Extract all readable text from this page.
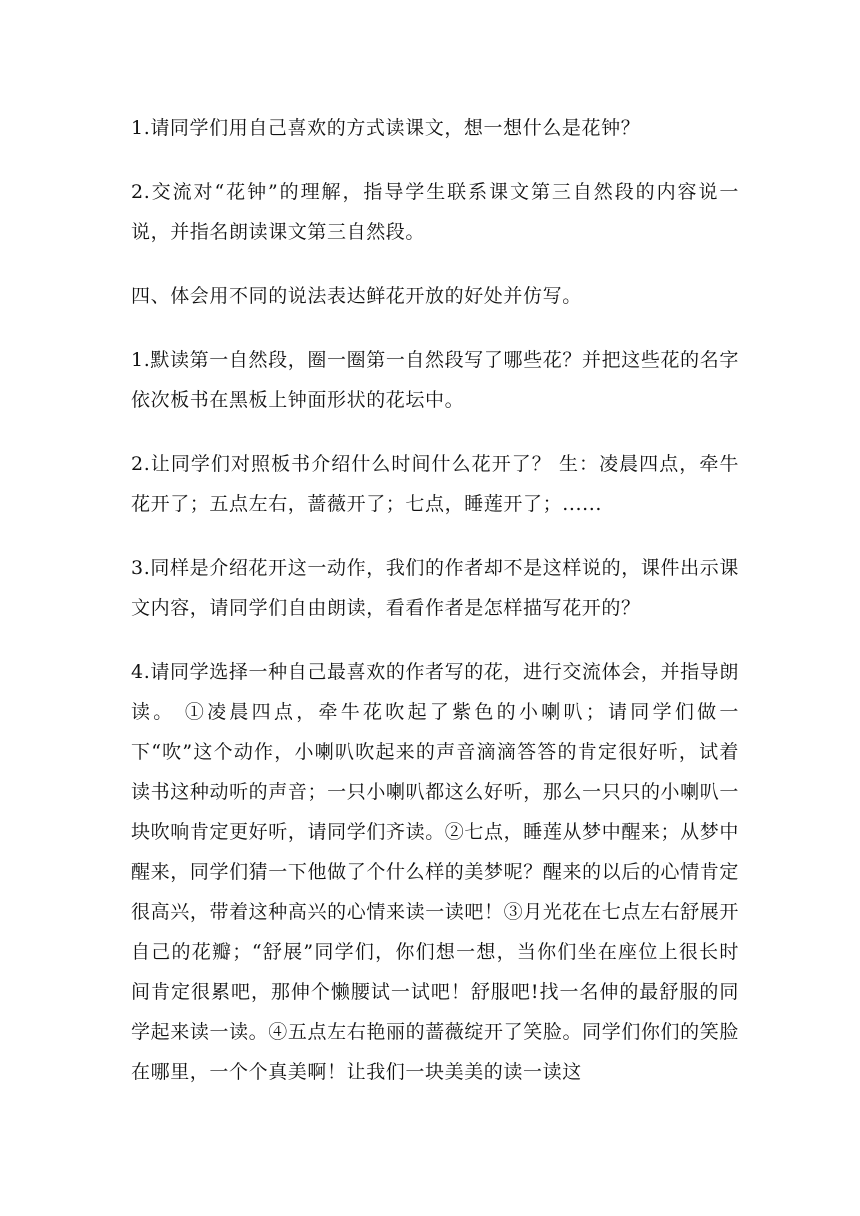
1.请同学们用自己喜欢的方式读课文，想一想什么是花钟？

2.交流对“花钟”的理解，指导学生联系课文第三自然段的内容说一说，并指名朗读课文第三自然段。

四、体会用不同的说法表达鲜花开放的好处并仿写。

1.默读第一自然段，圈一圈第一自然段写了哪些花？并把这些花的名字依次板书在黑板上钟面形状的花坛中。

2.让同学们对照板书介绍什么时间什么花开了？ 生：凌晨四点，牵牛花开了；五点左右，蔷薇开了；七点，睡莲开了；......

3.同样是介绍花开这一动作，我们的作者却不是这样说的，课件出示课文内容，请同学们自由朗读，看看作者是怎样描写花开的？

4.请同学选择一种自己最喜欢的作者写的花，进行交流体会，并指导朗读。 ①凌晨四点，牵牛花吹起了紫色的小喇叭；请同学们做一下“吹”这个动作，小喇叭吹起来的声音滴滴答答的肯定很好听，试着读书这种动听的声音；一只小喇叭都这么好听，那么一只只的小喇叭一块吹响肯定更好听，请同学们齐读。②七点，睡莲从梦中醒来；从梦中醒来，同学们猜一下他做了个什么样的美梦呢？醒来的以后的心情肯定很高兴，带着这种高兴的心情来读一读吧！③月光花在七点左右舒展开自己的花瓣；“舒展”同学们，你们想一想，当你们坐在座位上很长时间肯定很累吧，那伸个懒腰试一试吧！舒服吧!找一名伸的最舒服的同学起来读一读。④五点左右艳丽的蔷薇绽开了笑脸。同学们你们的笑脸在哪里，一个个真美啊！让我们一块美美的读一读这
